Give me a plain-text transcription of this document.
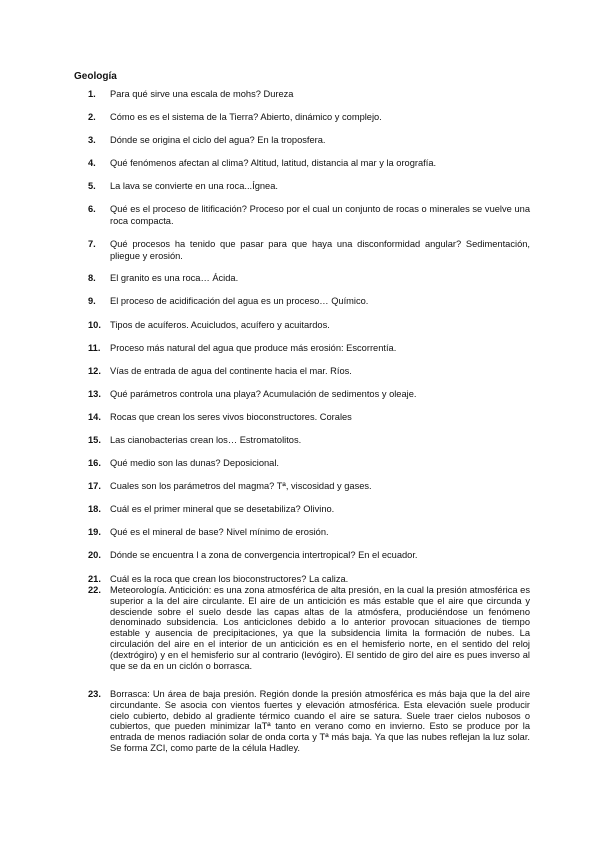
Geología
1.	Para qué sirve una escala de mohs? Dureza
2.	Cómo es es el sistema de la Tierra? Abierto, dinámico y complejo.
3.	Dónde se origina el ciclo del agua? En la troposfera.
4.	Qué fenómenos afectan al clima? Altitud, latitud, distancia al mar y la orografía.
5.	La lava se convierte en una roca...Ígnea.
6.	Qué es el proceso de litificación? Proceso por el cual un conjunto de rocas o minerales se vuelve una roca compacta.
7.	Qué procesos ha tenido que pasar para que haya una disconformidad angular? Sedimentación, pliegue y erosión.
8.	El granito es una roca… Ácida.
9.	El proceso de acidificación del agua es un proceso… Químico.
10. Tipos de acuíferos. Acuicludos, acuífero y acuitardos.
11.	Proceso más natural del agua que produce más erosión: Escorrentía.
12. Vías de entrada de agua del continente hacia el mar. Ríos.
13. Qué parámetros controla una playa? Acumulación de sedimentos y oleaje.
14. Rocas que crean los seres vivos bioconstructores. Corales
15. Las cianobacterias crean los… Estromatolitos.
16. Qué medio son las dunas? Deposicional.
17. Cuales son los parámetros del magma? Tª, viscosidad y gases.
18. Cuál es el primer mineral que se desetabiliza? Olivino.
19. Qué es el mineral de base? Nivel mínimo de erosión.
20. Dónde se encuentra l a zona de convergencia intertropical? En el ecuador.
21. Cuál es la roca que crean los bioconstructores? La caliza.
22. Meteorología. Anticición: es una zona atmosférica de alta presión, en la cual la presión atmosférica es superior a la del aire circulante. El aire de un anticición es más estable que el aire que circunda y desciende sobre el suelo desde las capas altas de la atmósfera, produciéndose un fenómeno denominado subsidencia. Los anticiclones debido a lo anterior provocan situaciones de tiempo estable y ausencia de precipitaciones, ya que la subsidencia limita la formación de nubes. La circulación del aire en el interior de un anticición es en el hemisferio norte, en el sentido del reloj (dextrógiro) y en el hemisferio sur al contrario (levógiro). El sentido de giro del aire es pues inverso al que se da en un ciclón o borrasca.
23. Borrasca: Un área de baja presión. Región donde la presión atmosférica es más baja que la del aire circundante. Se asocia con vientos fuertes y elevación atmosférica. Esta elevación suele producir cielo cubierto, debido al gradiente térmico cuando el aire se satura. Suele traer cielos nubosos o cubiertos, que pueden minimizar laTª tanto en verano como en invierno. Esto se produce por la entrada de menos radiación solar de onda corta y Tª más baja. Ya que las nubes reflejan la luz solar. Se forma ZCI, como parte de la célula Hadley.
